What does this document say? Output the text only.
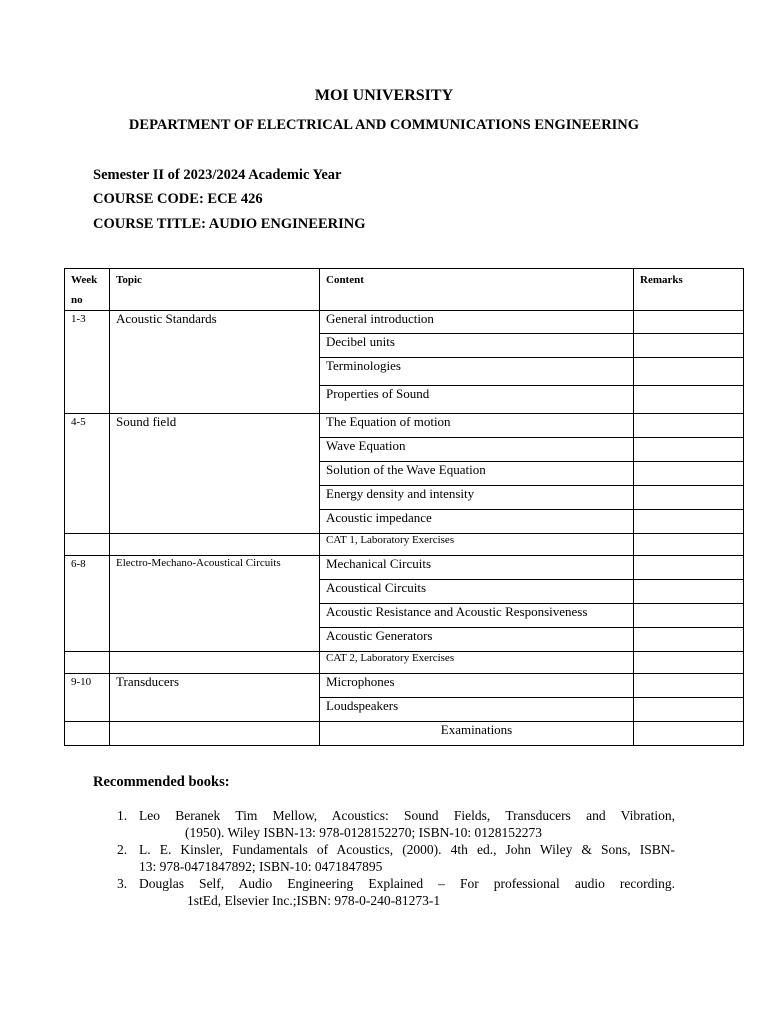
MOI UNIVERSITY
DEPARTMENT OF ELECTRICAL AND COMMUNICATIONS ENGINEERING
Semester II of 2023/2024 Academic Year
COURSE CODE: ECE 426
COURSE TITLE: AUDIO ENGINEERING
Week no	Topic	Content	Remarks
1-3	Acoustic Standards	General introduction	
		Decibel units	
		Terminologies	
		Properties of Sound	
4-5	Sound field	The Equation of motion	
		Wave Equation	
		Solution of the Wave Equation	
		Energy density and intensity	
		Acoustic impedance	
		CAT 1, Laboratory Exercises	
6-8	Electro-Mechano-Acoustical Circuits	Mechanical Circuits	
		Acoustical Circuits	
		Acoustic Resistance and Acoustic Responsiveness	
		Acoustic Generators	
		CAT 2, Laboratory Exercises	
9-10	Transducers	Microphones	
		Loudspeakers	
		Examinations	
Recommended books:
1. Leo Beranek Tim Mellow, Acoustics: Sound Fields, Transducers and Vibration,
(1950). Wiley ISBN-13: 978-0128152270; ISBN-10: 0128152273
2. L. E. Kinsler, Fundamentals of Acoustics, (2000). 4th ed., John Wiley & Sons, ISBN-
13: 978-0471847892; ISBN-10: 0471847895
3. Douglas Self, Audio Engineering Explained – For professional audio recording.
1stEd, Elsevier Inc.;ISBN: 978-0-240-81273-1
